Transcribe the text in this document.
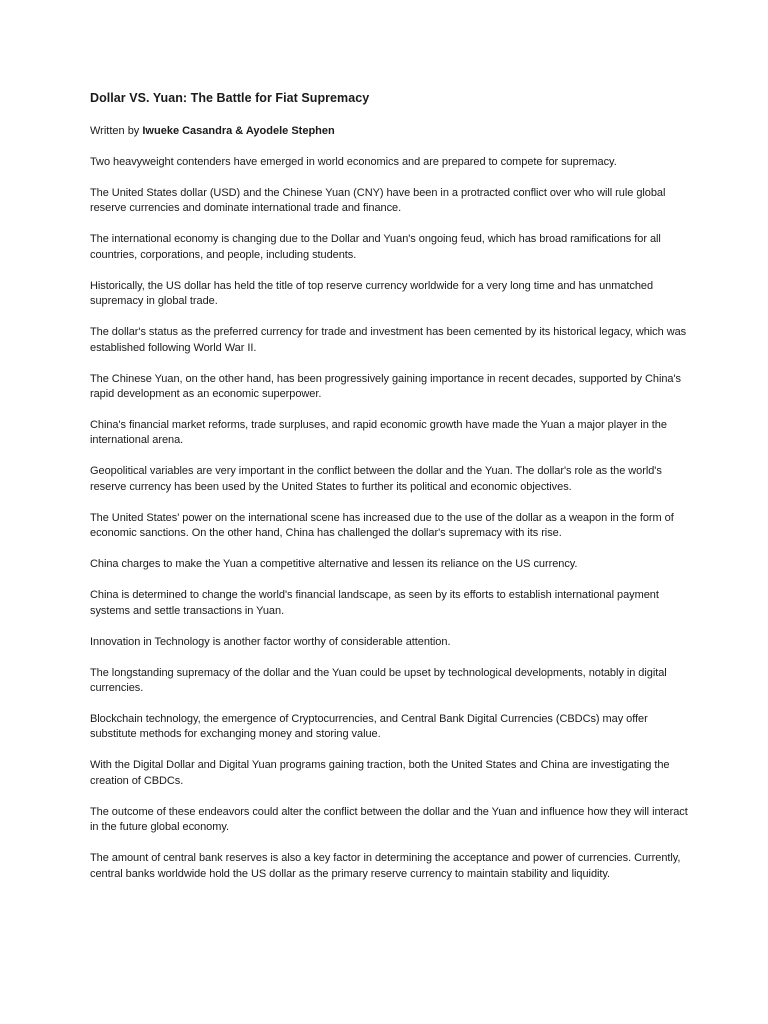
Dollar VS. Yuan: The Battle for Fiat Supremacy

Written by Iwueke Casandra & Ayodele Stephen

Two heavyweight contenders have emerged in world economics and are prepared to compete for supremacy.

The United States dollar (USD) and the Chinese Yuan (CNY) have been in a protracted conflict over who will rule global reserve currencies and dominate international trade and finance.

The international economy is changing due to the Dollar and Yuan's ongoing feud, which has broad ramifications for all countries, corporations, and people, including students.

Historically, the US dollar has held the title of top reserve currency worldwide for a very long time and has unmatched supremacy in global trade.

The dollar's status as the preferred currency for trade and investment has been cemented by its historical legacy, which was established following World War II.

The Chinese Yuan, on the other hand, has been progressively gaining importance in recent decades, supported by China's rapid development as an economic superpower.

China's financial market reforms, trade surpluses, and rapid economic growth have made the Yuan a major player in the international arena.

Geopolitical variables are very important in the conflict between the dollar and the Yuan. The dollar's role as the world's reserve currency has been used by the United States to further its political and economic objectives.

The United States' power on the international scene has increased due to the use of the dollar as a weapon in the form of economic sanctions. On the other hand, China has challenged the dollar's supremacy with its rise.

China charges to make the Yuan a competitive alternative and lessen its reliance on the US currency.

China is determined to change the world's financial landscape, as seen by its efforts to establish international payment systems and settle transactions in Yuan.

Innovation in Technology is another factor worthy of considerable attention.

The longstanding supremacy of the dollar and the Yuan could be upset by technological developments, notably in digital currencies.

Blockchain technology, the emergence of Cryptocurrencies, and Central Bank Digital Currencies (CBDCs) may offer substitute methods for exchanging money and storing value.

With the Digital Dollar and Digital Yuan programs gaining traction, both the United States and China are investigating the creation of CBDCs.

The outcome of these endeavors could alter the conflict between the dollar and the Yuan and influence how they will interact in the future global economy.

The amount of central bank reserves is also a key factor in determining the acceptance and power of currencies. Currently, central banks worldwide hold the US dollar as the primary reserve currency to maintain stability and liquidity.
